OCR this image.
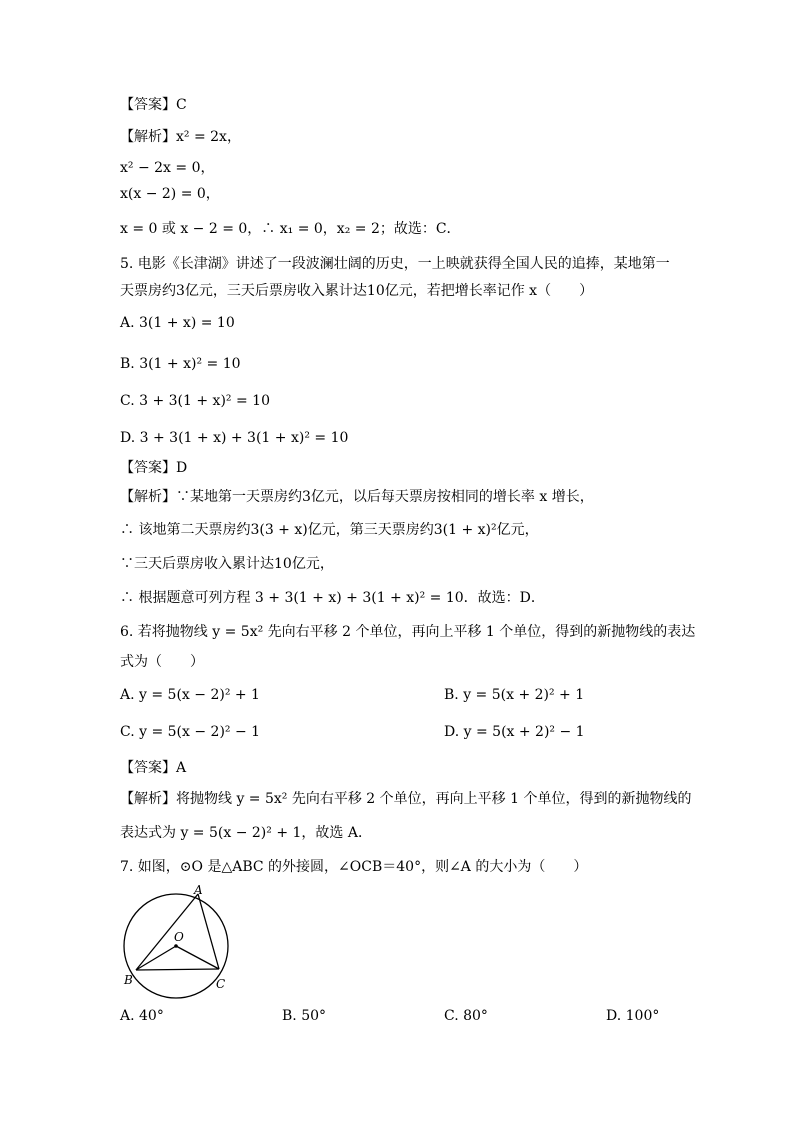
【答案】C
【解析】x² = 2x，
x² − 2x = 0，
x(x − 2) = 0，
x = 0 或 x − 2 = 0，∴ x₁ = 0，x₂ = 2；故选：C．
5. 电影《长津湖》讲述了一段波澜壮阔的历史，一上映就获得全国人民的追捧，某地第一
天票房约3亿元，三天后票房收入累计达10亿元，若把增长率记作 x（　　）
A. 3(1 + x) = 10
B. 3(1 + x)² = 10
C. 3 + 3(1 + x)² = 10
D. 3 + 3(1 + x) + 3(1 + x)² = 10
【答案】D
【解析】∵某地第一天票房约3亿元，以后每天票房按相同的增长率 x 增长，
∴ 该地第二天票房约3(3 + x)亿元，第三天票房约3(1 + x)²亿元，
∵三天后票房收入累计达10亿元，
∴ 根据题意可列方程 3 + 3(1 + x) + 3(1 + x)² = 10．故选：D．
6. 若将抛物线 y = 5x² 先向右平移 2 个单位，再向上平移 1 个单位，得到的新抛物线的表达
式为（　　）
A. y = 5(x − 2)² + 1	B. y = 5(x + 2)² + 1
C. y = 5(x − 2)² − 1	D. y = 5(x + 2)² − 1
【答案】A
【解析】将抛物线 y = 5x² 先向右平移 2 个单位，再向上平移 1 个单位，得到的新抛物线的
表达式为 y = 5(x − 2)² + 1，故选 A．
7. 如图，⊙O 是△ABC 的外接圆，∠OCB＝40°，则∠A 的大小为（　　）
A
O
B	C
A. 40°	B. 50°	C. 80°	D. 100°
